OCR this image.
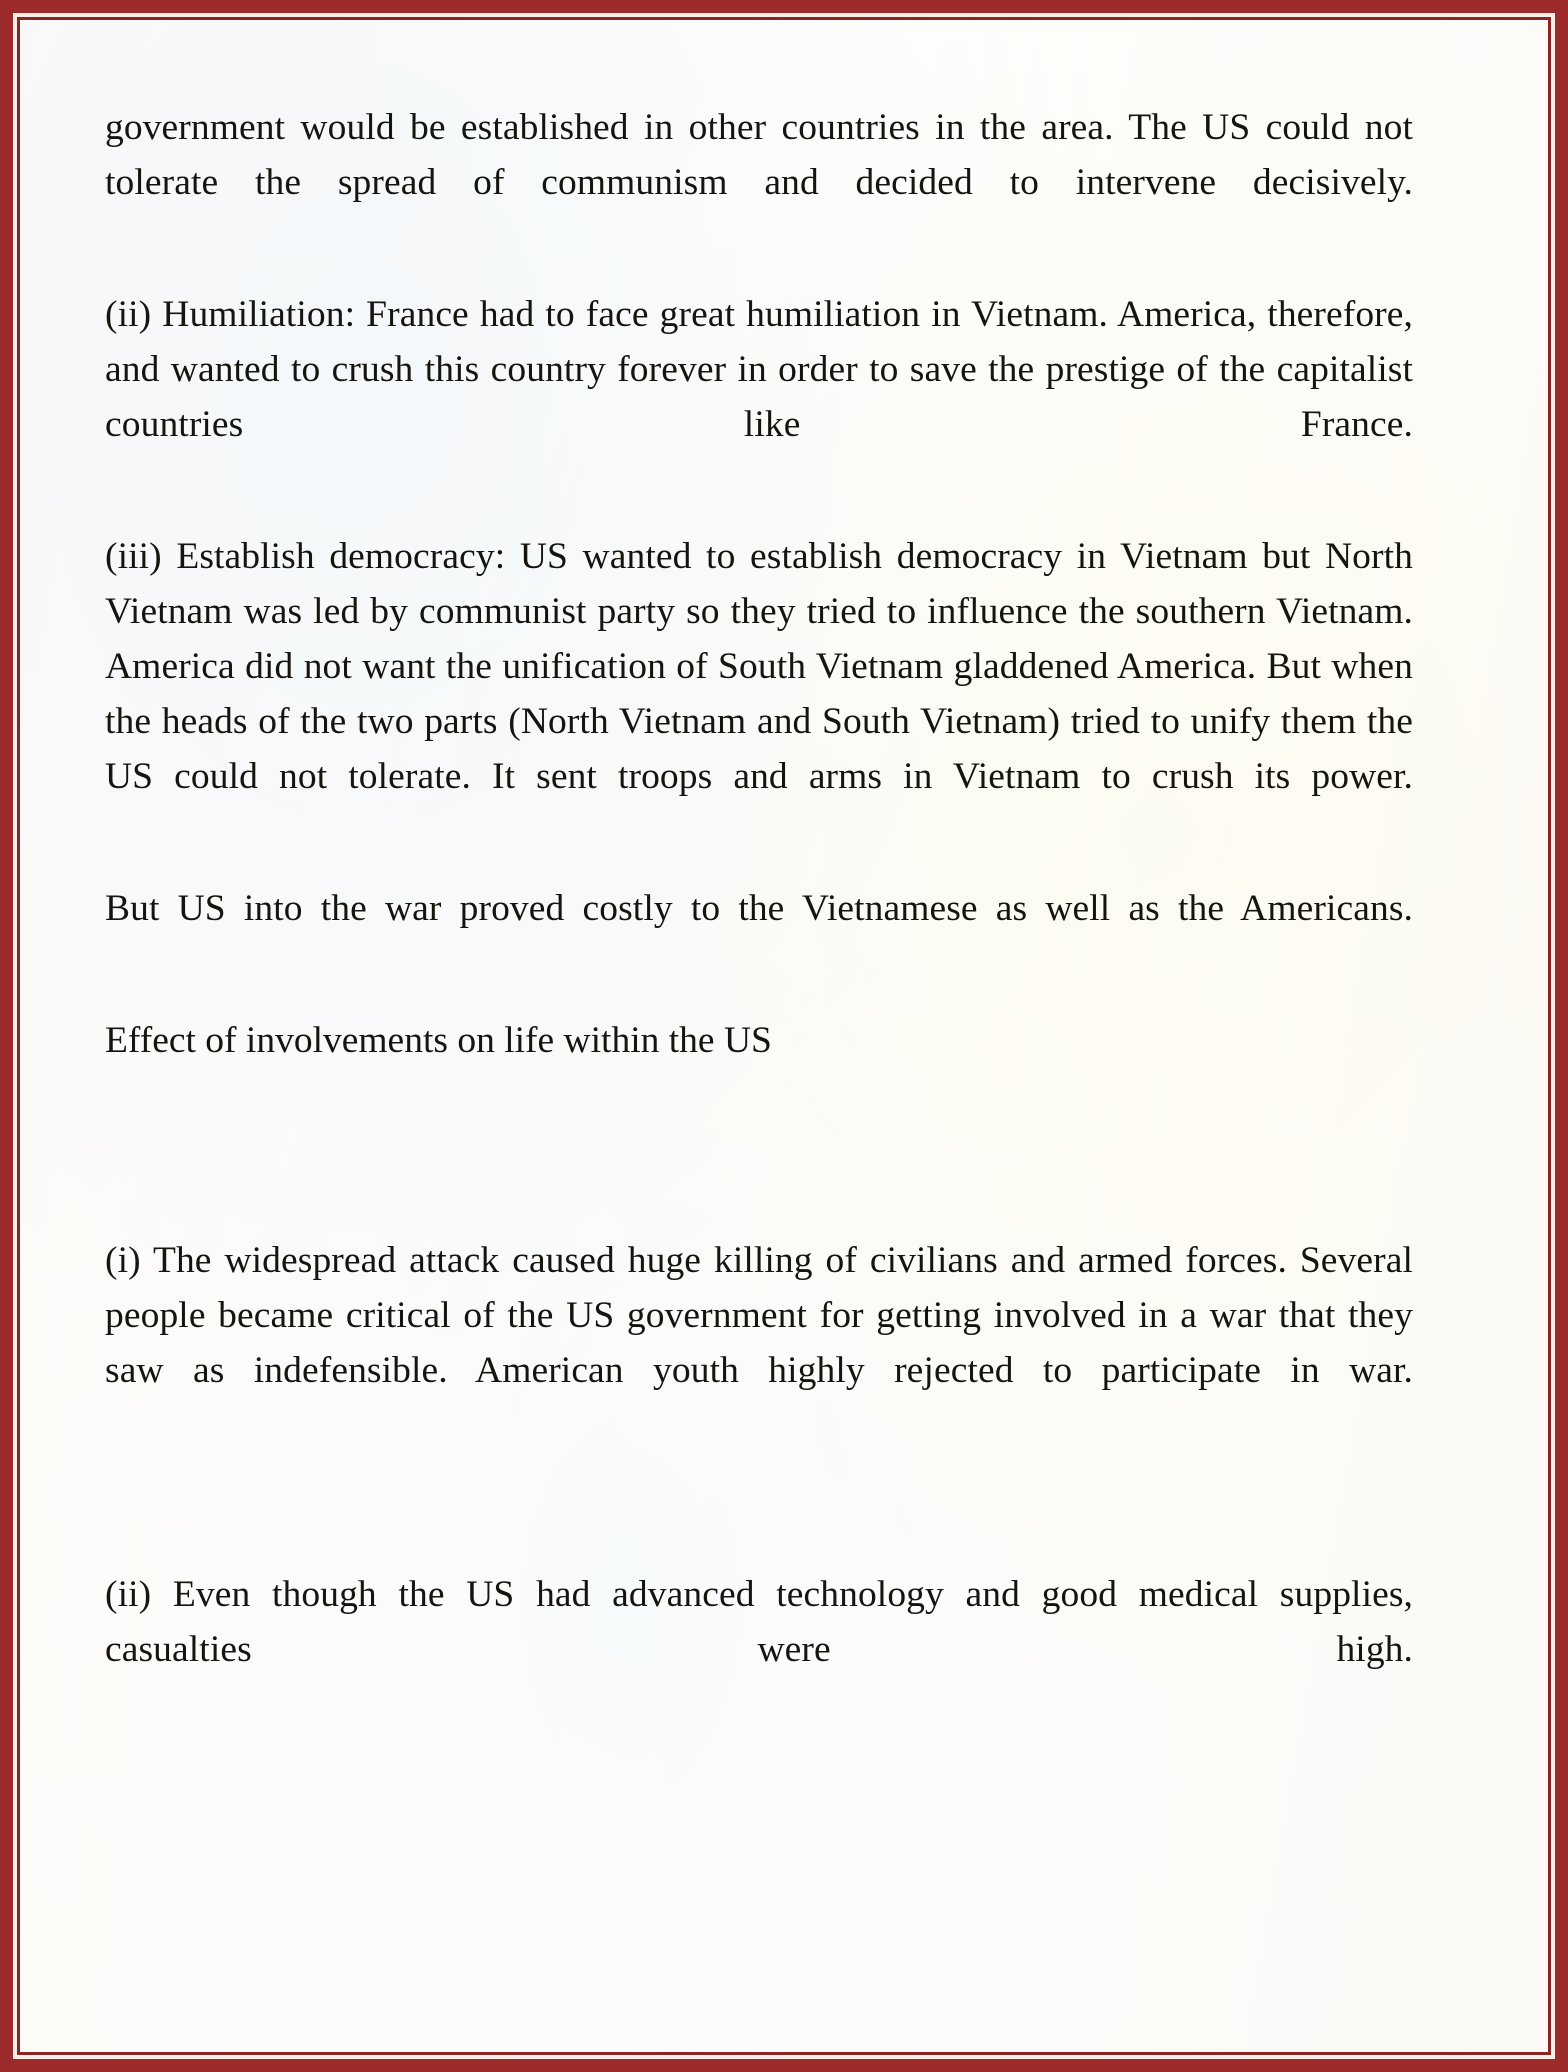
government would be established in other countries in the area. The US could not tolerate the spread of communism and decided to intervene decisively.

(ii) Humiliation: France had to face great humiliation in Vietnam. America, therefore, and wanted to crush this country forever in order to save the prestige of the capitalist countries like France.

(iii) Establish democracy: US wanted to establish democracy in Vietnam but North Vietnam was led by communist party so they tried to influence the southern Vietnam. America did not want the unification of South Vietnam gladdened America. But when the heads of the two parts (North Vietnam and South Vietnam) tried to unify them the US could not tolerate. It sent troops and arms in Vietnam to crush its power.

But US into the war proved costly to the Vietnamese as well as the Americans.

Effect of involvements on life within the US

(i) The widespread attack caused huge killing of civilians and armed forces. Several people became critical of the US government for getting involved in a war that they saw as indefensible. American youth highly rejected to participate in war.

(ii) Even though the US had advanced technology and good medical supplies, casualties were high.
